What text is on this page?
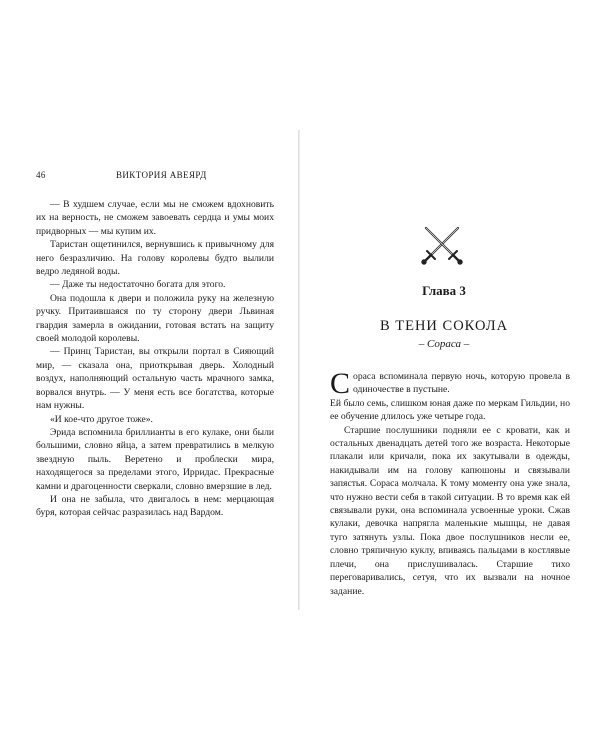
46	ВИКТОРИЯ АВЕЯРД

— В худшем случае, если мы не сможем вдохновить их на верность, не сможем завоевать сердца и умы моих придворных — мы купим их.

Таристан ощетинился, вернувшись к привычному для него безразличию. На голову королевы будто вылили ведро ледяной воды.

— Даже ты недостаточно богата для этого.

Она подошла к двери и положила руку на железную ручку. Притаившаяся по ту сторону двери Львиная гвардия замерла в ожидании, готовая встать на защиту своей молодой королевы.

— Принц Таристан, вы открыли портал в Сияющий мир, — сказала она, приоткрывая дверь. Холодный воздух, наполняющий остальную часть мрачного замка, ворвался внутрь. — У меня есть все богатства, которые нам нужны.

«И кое-что другое тоже».

Эрида вспомнила бриллианты в его кулаке, они были большими, словно яйца, а затем превратились в мелкую звездную пыль. Веретено и проблески мира, находящегося за пределами этого, Ирридас. Прекрасные камни и драгоценности сверкали, словно вмерзшие в лед.

И она не забыла, что двигалось в нем: мерцающая буря, которая сейчас разразилась над Вардом.

Глава 3
В ТЕНИ СОКОЛА
– Сораса –

Сораса вспоминала первую ночь, которую провела в одиночестве в пустыне.

Ей было семь, слишком юная даже по меркам Гильдии, но ее обучение длилось уже четыре года.

Старшие послушники подняли ее с кровати, как и остальных двенадцать детей того же возраста. Некоторые плакали или кричали, пока их закутывали в одежды, накидывали им на голову капюшоны и связывали запястья. Сораса молчала. К тому моменту она уже знала, что нужно вести себя в такой ситуации. В то время как ей связывали руки, она вспоминала усвоенные уроки. Сжав кулаки, девочка напрягла маленькие мышцы, не давая туго затянуть узлы. Пока двое послушников несли ее, словно тряпичную куклу, впиваясь пальцами в костлявые плечи, она прислушивалась. Старшие тихо переговаривались, сетуя, что их вызвали на ночное задание.
